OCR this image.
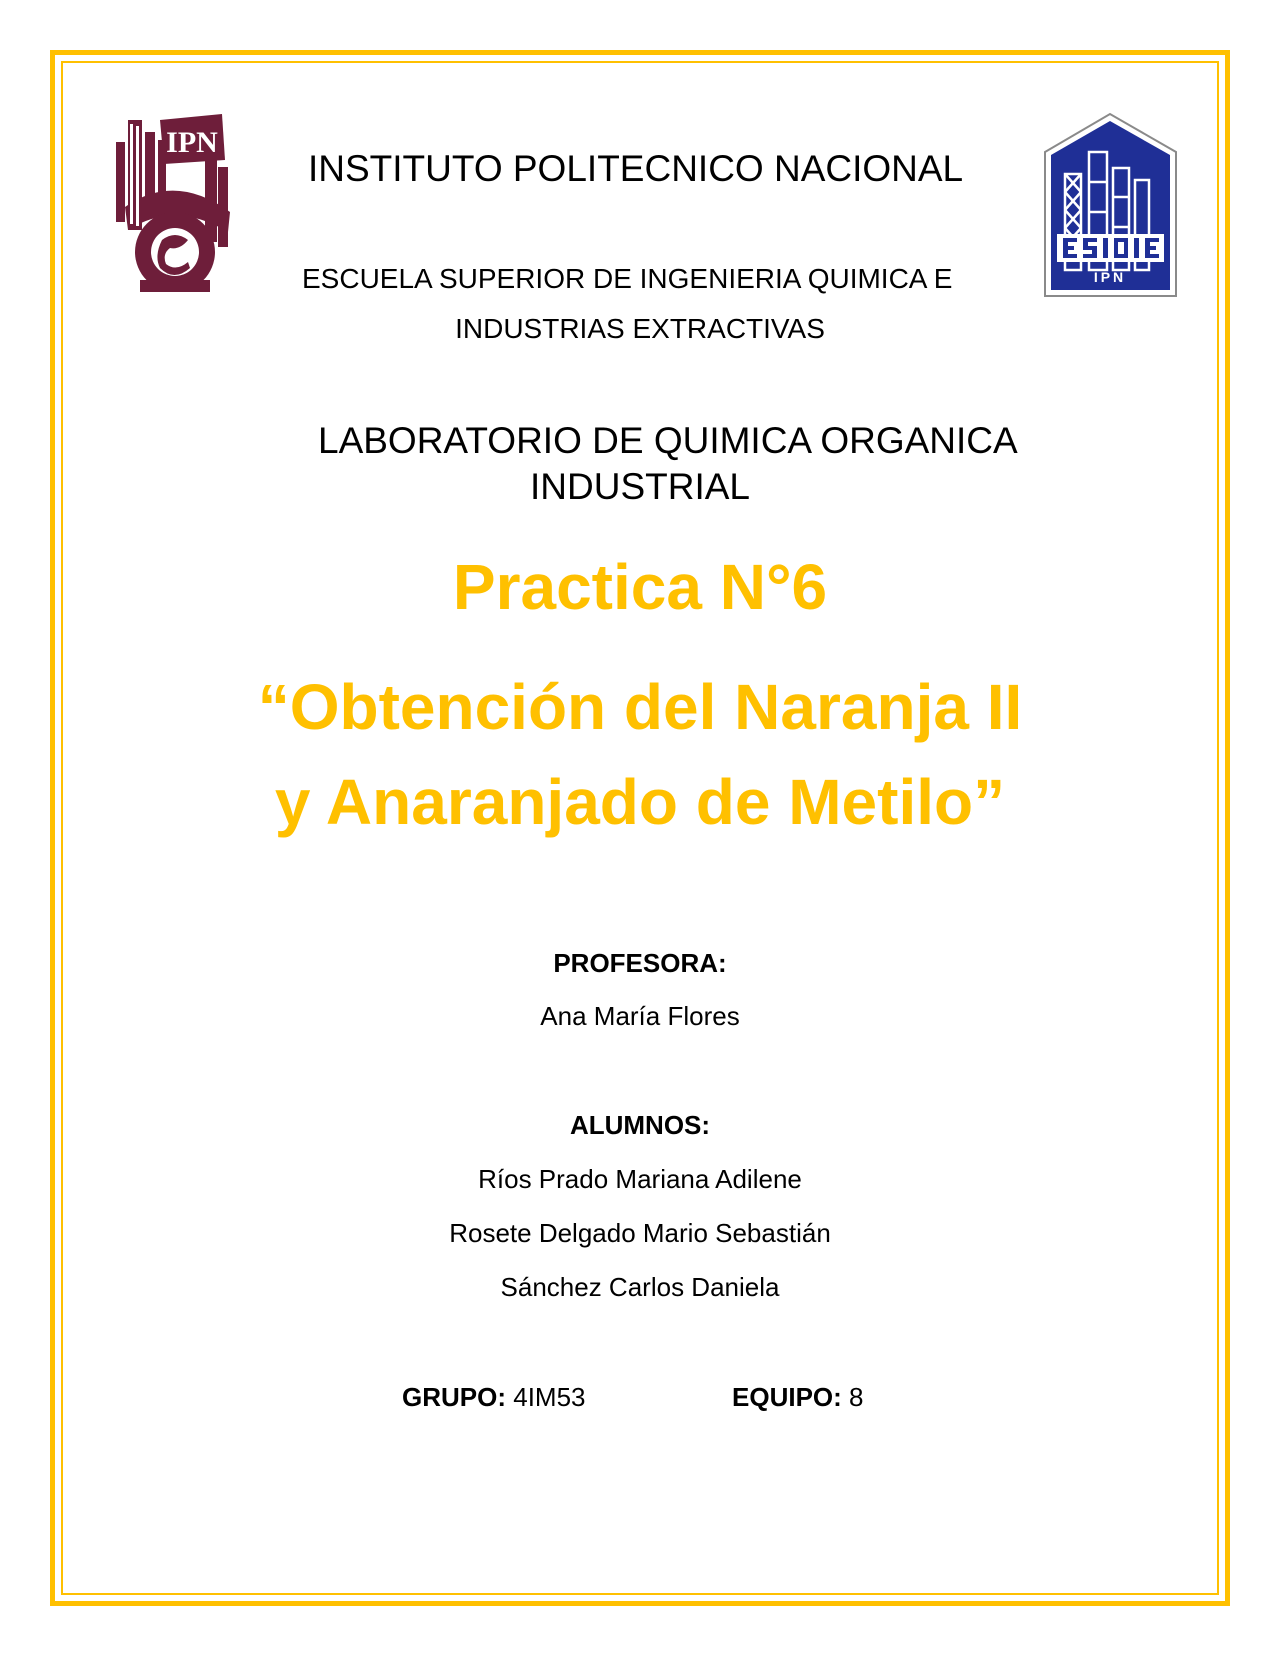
IPN
IPN
INSTITUTO POLITECNICO NACIONAL
ESCUELA SUPERIOR DE INGENIERIA QUIMICA E
INDUSTRIAS EXTRACTIVAS
LABORATORIO DE QUIMICA ORGANICA
INDUSTRIAL
Practica N°6
“Obtención del Naranja II
y Anaranjado de Metilo”
PROFESORA:
Ana María Flores
ALUMNOS:
Ríos Prado Mariana Adilene
Rosete Delgado Mario Sebastián
Sánchez Carlos Daniela
GRUPO: 4IM53	EQUIPO: 8
